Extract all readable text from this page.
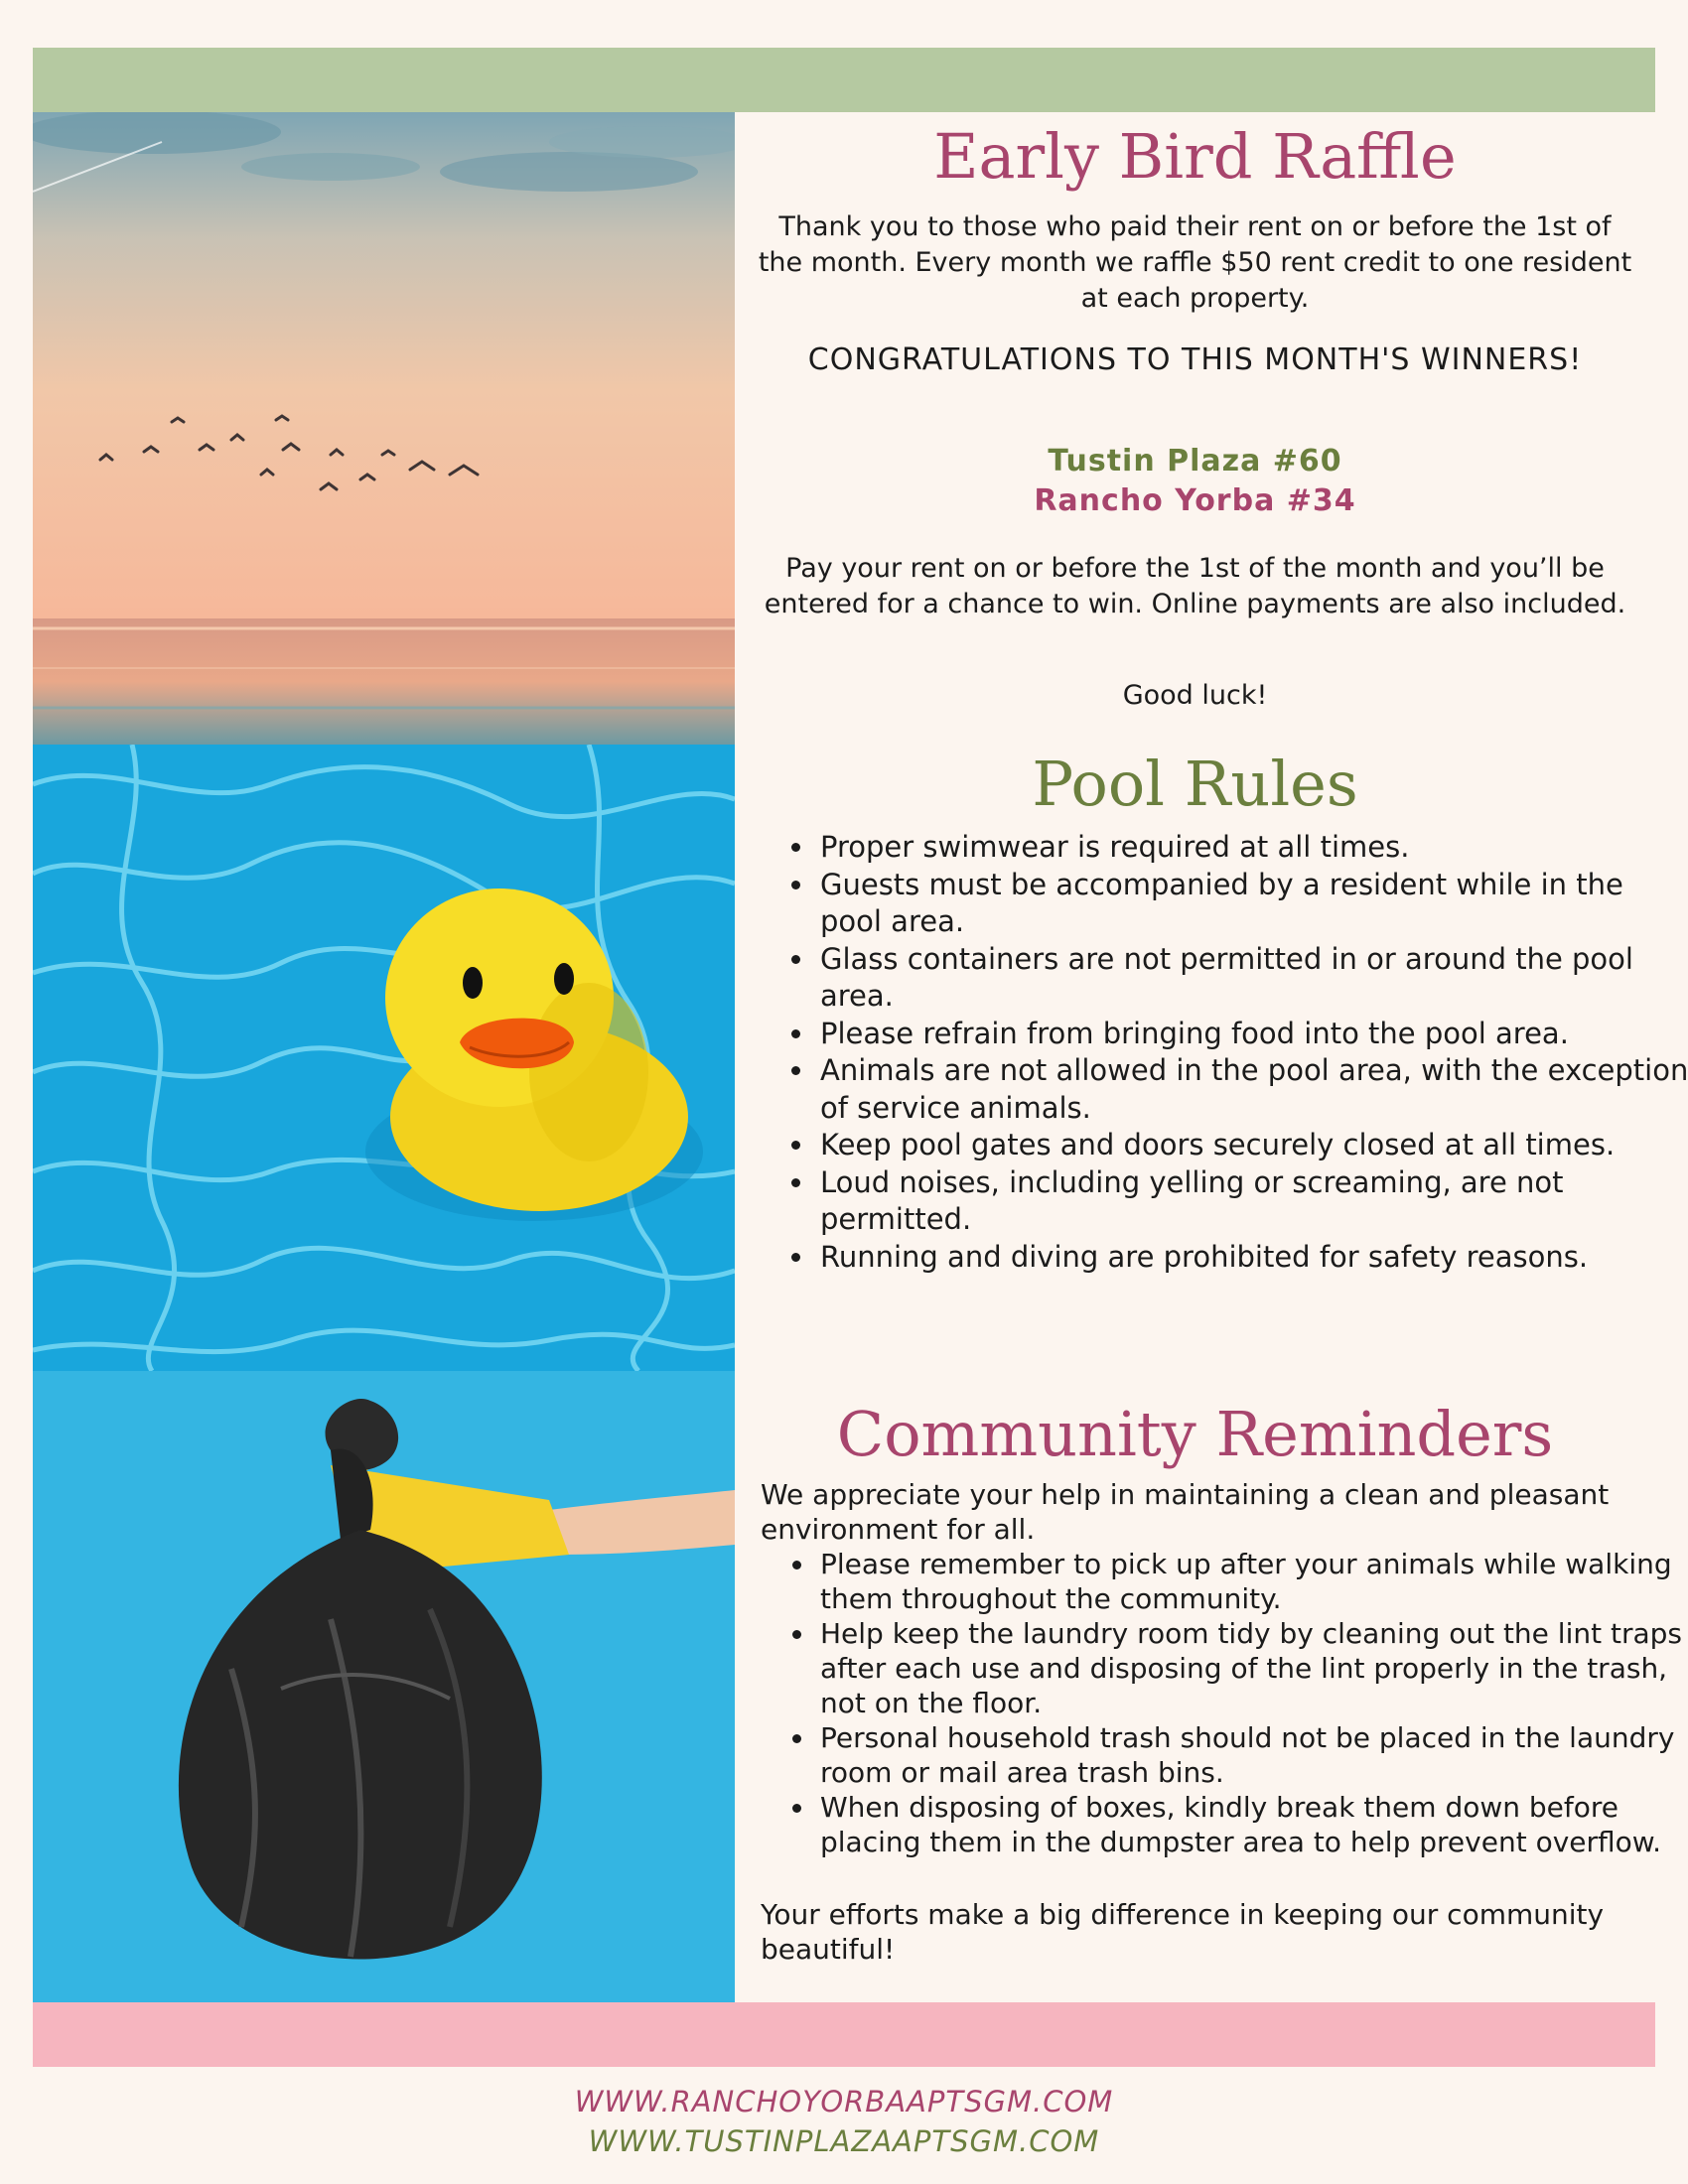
Early Bird Raffle

Thank you to those who paid their rent on or before the 1st of the month. Every month we raffle $50 rent credit to one resident at each property.

CONGRATULATIONS TO THIS MONTH'S WINNERS!

Tustin Plaza #60
Rancho Yorba #34

Pay your rent on or before the 1st of the month and you’ll be entered for a chance to win. Online payments are also included.

Good luck!

Pool Rules
• Proper swimwear is required at all times.
• Guests must be accompanied by a resident while in the pool area.
• Glass containers are not permitted in or around the pool area.
• Please refrain from bringing food into the pool area.
• Animals are not allowed in the pool area, with the exception of service animals.
• Keep pool gates and doors securely closed at all times.
• Loud noises, including yelling or screaming, are not permitted.
• Running and diving are prohibited for safety reasons.
Community Reminders

We appreciate your help in maintaining a clean and pleasant environment for all.

• Please remember to pick up after your animals while walking them throughout the community.
• Help keep the laundry room tidy by cleaning out the lint traps after each use and disposing of the lint properly in the trash, not on the floor.
• Personal household trash should not be placed in the laundry room or mail area trash bins.
• When disposing of boxes, kindly break them down before placing them in the dumpster area to help prevent overflow.

Your efforts make a big difference in keeping our community beautiful!

WWW.RANCHOYORBAAPTSGM.COM
WWW.TUSTINPLAZAAPTSGM.COM
